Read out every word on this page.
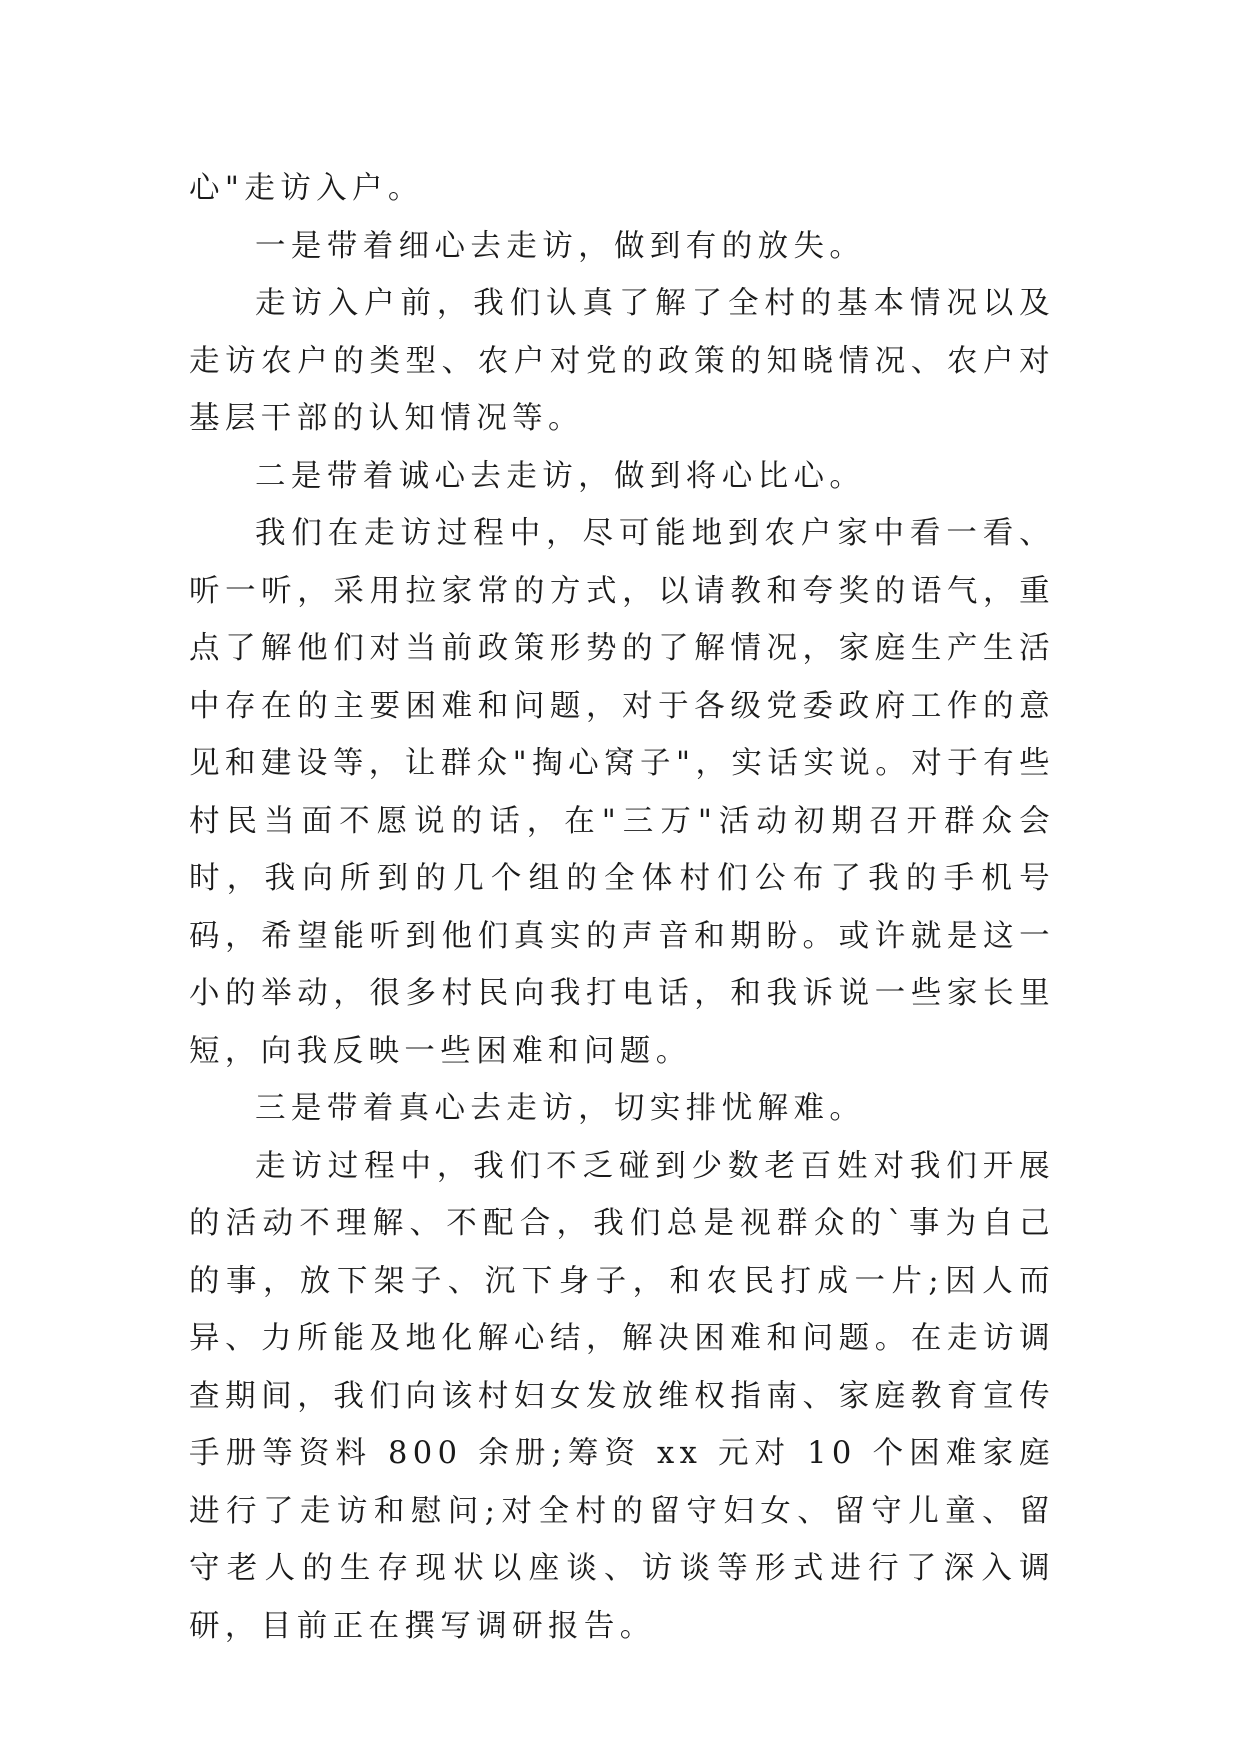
心"走访入户。

一是带着细心去走访，做到有的放失。

走访入户前，我们认真了解了全村的基本情况以及走访农户的类型、农户对党的政策的知晓情况、农户对基层干部的认知情况等。

二是带着诚心去走访，做到将心比心。

我们在走访过程中，尽可能地到农户家中看一看、听一听，采用拉家常的方式，以请教和夸奖的语气，重点了解他们对当前政策形势的了解情况，家庭生产生活中存在的主要困难和问题，对于各级党委政府工作的意见和建设等，让群众"掏心窝子"，实话实说。对于有些村民当面不愿说的话，在"三万"活动初期召开群众会时，我向所到的几个组的全体村们公布了我的手机号码，希望能听到他们真实的声音和期盼。或许就是这一小的举动，很多村民向我打电话，和我诉说一些家长里短，向我反映一些困难和问题。

三是带着真心去走访，切实排忧解难。

走访过程中，我们不乏碰到少数老百姓对我们开展的活动不理解、不配合，我们总是视群众的`事为自己的事，放下架子、沉下身子，和农民打成一片;因人而异、力所能及地化解心结，解决困难和问题。在走访调查期间，我们向该村妇女发放维权指南、家庭教育宣传手册等资料 800 余册;筹资 xx 元对 10 个困难家庭进行了走访和慰问;对全村的留守妇女、留守儿童、留守老人的生存现状以座谈、访谈等形式进行了深入调研，目前正在撰写调研报告。
